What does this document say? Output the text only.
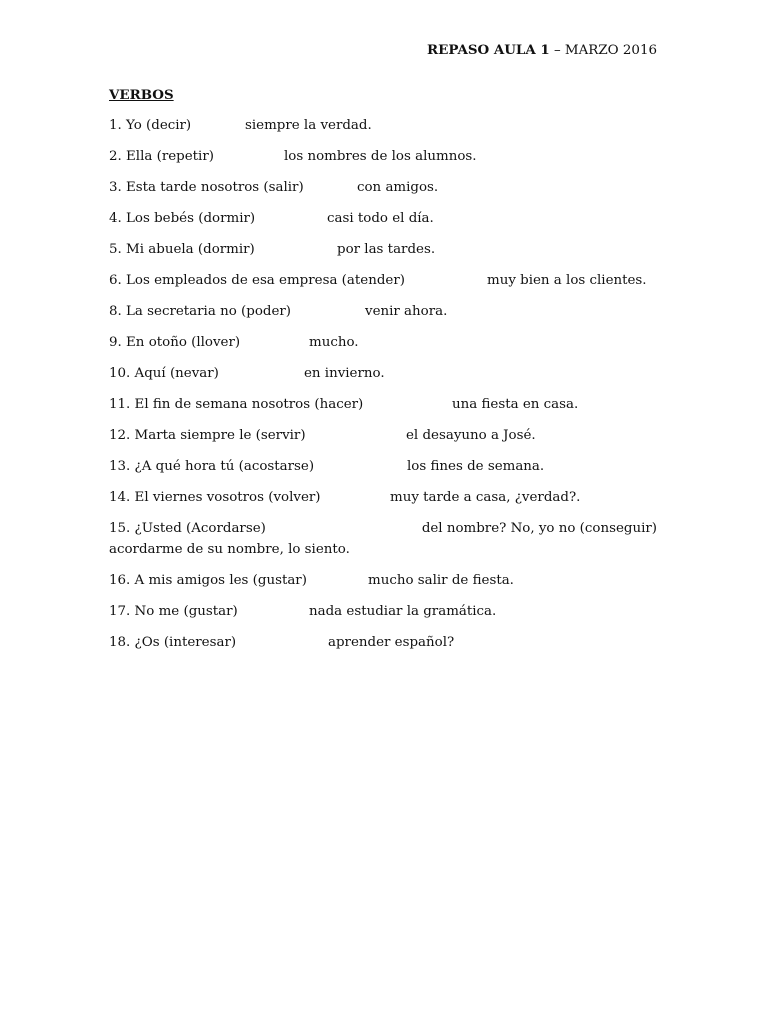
REPASO AULA 1 – MARZO 2016
VERBOS
1. Yo (decir)	siempre la verdad.
2. Ella (repetir)	los nombres de los alumnos.
3. Esta tarde nosotros (salir)	con amigos.
4. Los bebés (dormir)	casi todo el día.
5. Mi abuela (dormir)	por las tardes.
6. Los empleados de esa empresa (atender)	muy bien a los clientes.
8. La secretaria no (poder)	venir ahora.
9. En otoño (llover)	mucho.
10. Aquí (nevar)	en invierno.
11. El fin de semana nosotros (hacer)	una fiesta en casa.
12. Marta siempre le (servir)	el desayuno a José.
13. ¿A qué hora tú (acostarse)	los fines de semana.
14. El viernes vosotros (volver)	muy tarde a casa, ¿verdad?.
15. ¿Usted (Acordarse)	del nombre? No, yo no (conseguir)
acordarme de su nombre, lo siento.
16. A mis amigos les (gustar)	mucho salir de fiesta.
17. No me (gustar)	nada estudiar la gramática.
18. ¿Os (interesar)	aprender español?
